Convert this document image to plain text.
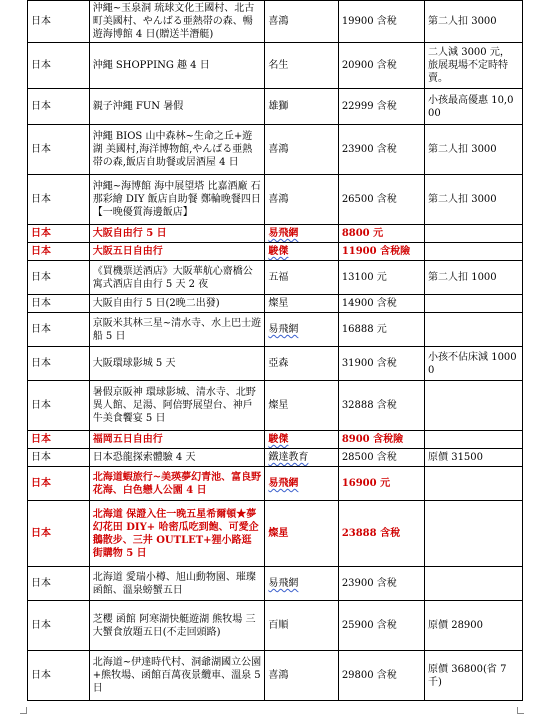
日本	沖繩~玉泉洞 琉球文化王國村、北古町美國村、やんばる亜熱帯の森、暢遊海博館 4 日(贈送半潛艇)	喜鴻	19900 含稅	第二人扣 3000
日本	沖繩 SHOPPING 趣 4 日	名生	20900 含稅	二人減 3000 元，旅展現場不定時特賣。
日本	親子沖繩 FUN 暑假	雄獅	22999 含稅	小孩最高優惠 10,000
日本	沖繩 BIOS 山中森林~生命之丘+遊湖 美國村,海洋博物館,やんばる亜熱帯の森,飯店自助餐或居酒屋 4 日	喜鴻	23900 含稅	第二人扣 3000
日本	沖繩~海博館 海中展望塔 比嘉酒廠 石那彩繪 DIY 飯店自助餐 鄭輪晚餐四日【一晚優質海邊飯店】	喜鴻	26500 含稅	第二人扣 3000
日本	大阪自由行 5 日	易飛網	8800 元	
日本	大阪五日自由行	駿傑	11900 含稅險	
日本	《買機票送酒店》大阪華航心齋橋公寓式酒店自由行 5 天 2 夜	五福	13100 元	第二人扣 1000
日本	大阪自由行 5 日(2晚二出發)	燦星	14900 含稅	
日本	京阪米其林三星~清水寺、水上巴士遊船 5 日	易飛網	16888 元	
日本	大阪環球影城 5 天	亞森	31900 含稅	小孩不佔床減 10000
日本	暑假京阪神 環球影城、清水寺、北野異人館、足湯、阿倍野展望台、神戶牛美食饗宴 5 日	燦星	32888 含稅	
日本	福岡五日自由行	駿傑	8900 含稅險	
日本	日本恐龍探索體驗 4 天	鐵達教育	28500 含稅	原價 31500
日本	北海道蝦旅行~美瑛夢幻青池、富良野花海、白色戀人公園 4 日	易飛網	16900 元	
日本	北海道 保證入住一晚五星希爾頓★夢幻花田 DIY+ 哈密瓜吃到飽、可愛企鵝散步、三井 OUTLET+狸小路逛街購物 5 日	燦星	23888 含稅	
日本	北海道 愛瑞小樽、旭山動物園、璀璨函館、溫泉螃蟹五日	易飛網	23900 含稅	
日本	芝櫻 函館 阿寒湖快艇遊湖 熊牧場 三大蟹食放題五日(不走回頭路)	百順	25900 含稅	原價 28900
日本	北海道~伊達時代村、洞爺湖國立公園+熊牧場、函館百萬夜景纜車、溫泉 5 日	喜鴻	29800 含稅	原價 36800(省 7 千)
